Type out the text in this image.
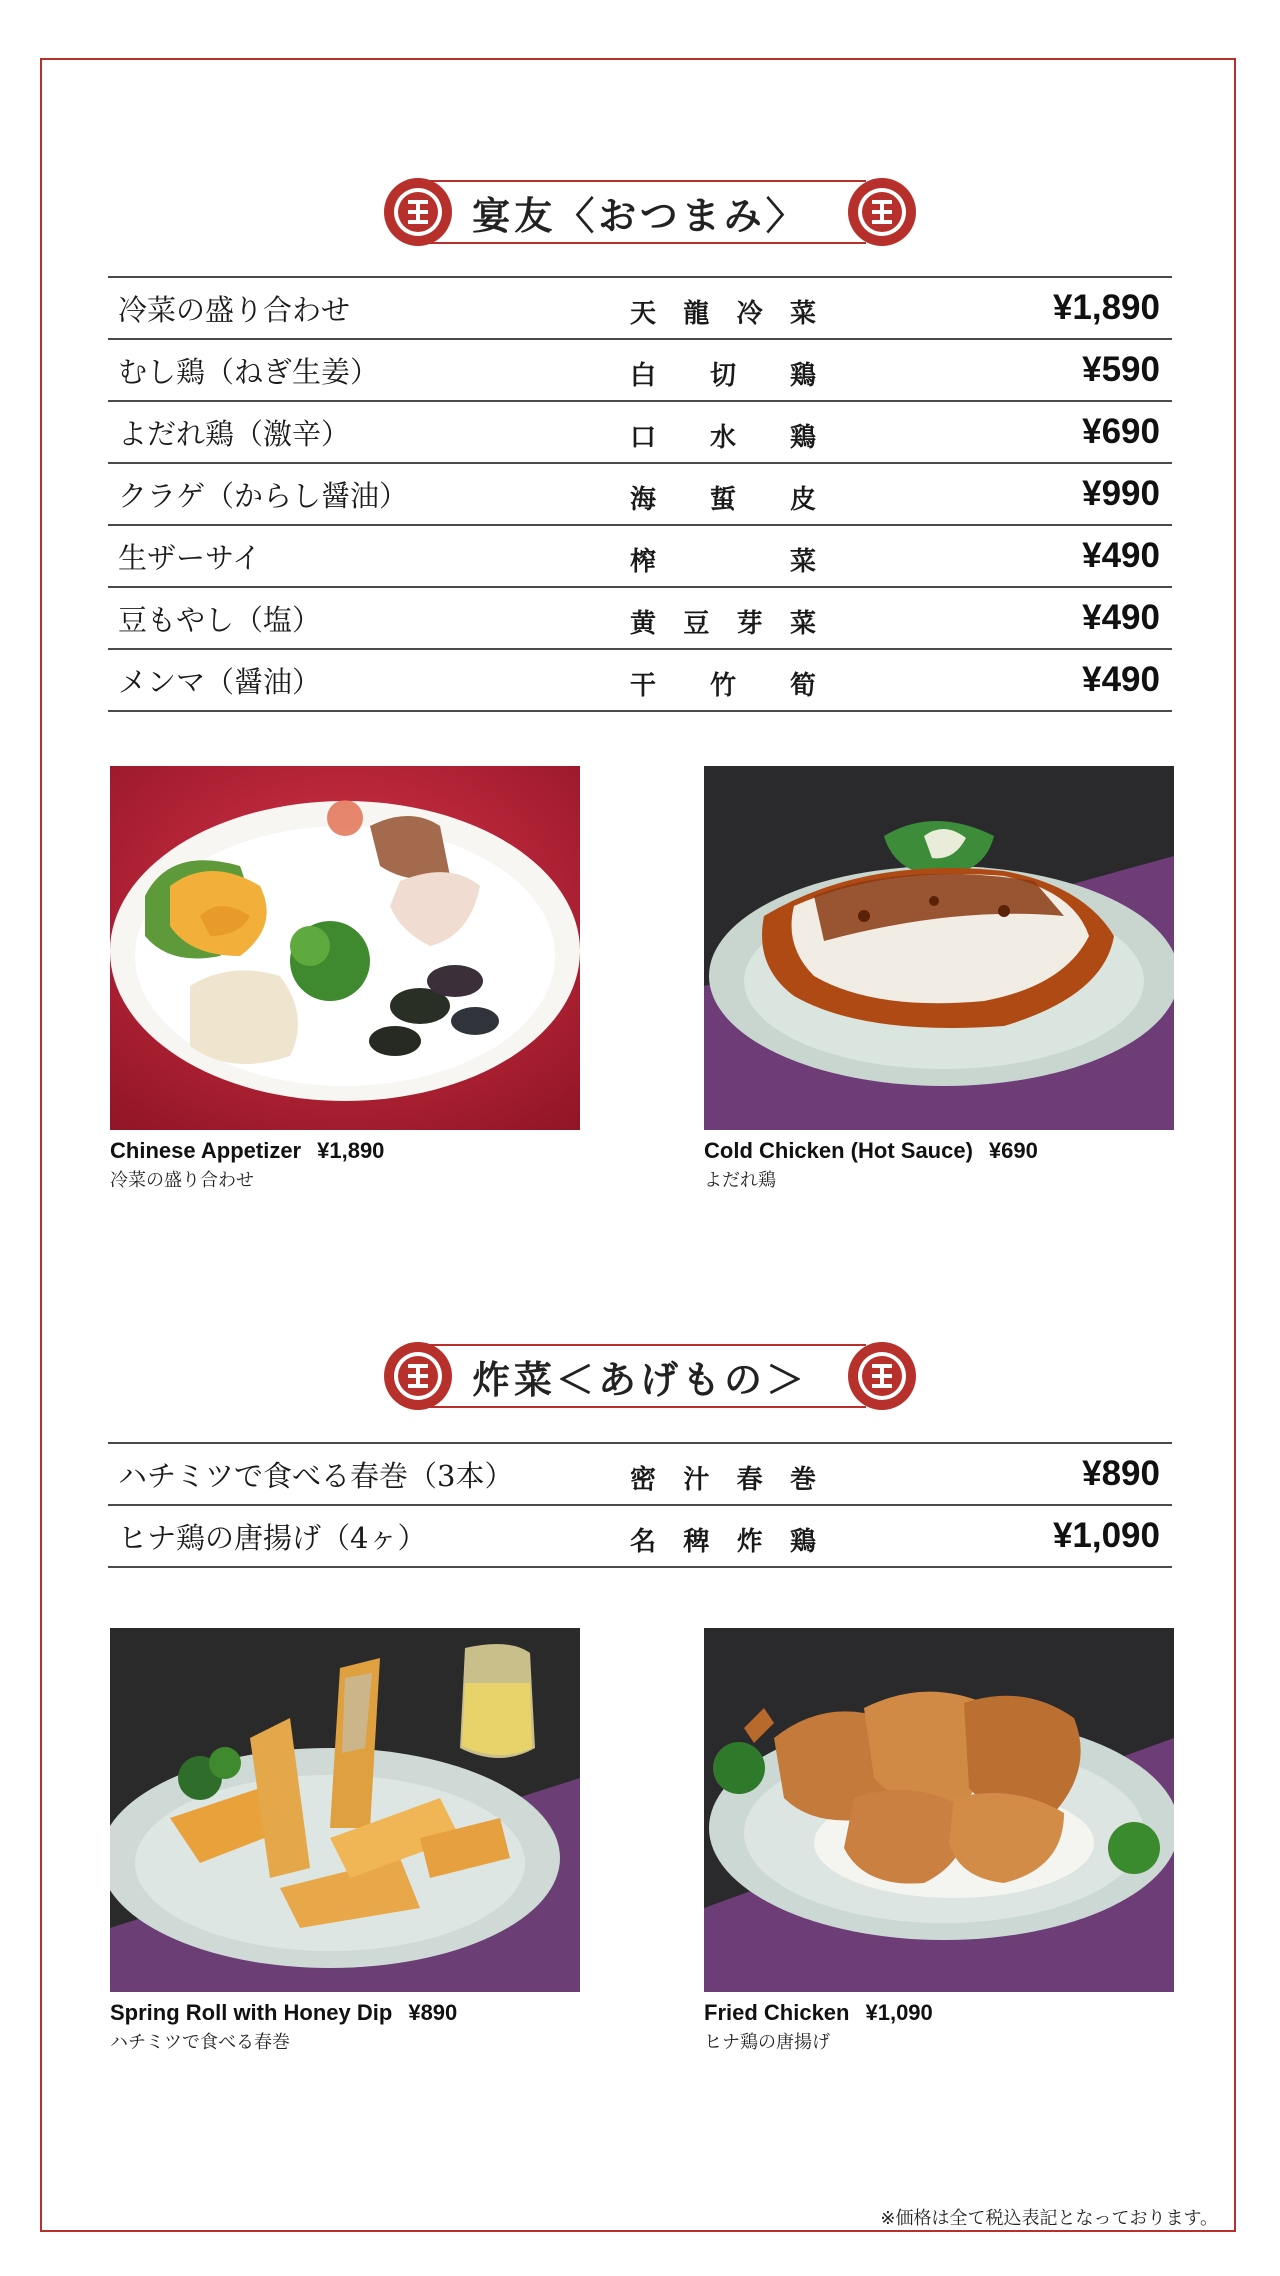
宴友〈おつまみ〉
冷菜の盛り合わせ	天龍冷菜	¥1,890
むし鶏（ねぎ生姜）	白切鶏	¥590
よだれ鶏（激辛）	口水鶏	¥690
クラゲ（からし醤油）	海蜇皮	¥990
生ザーサイ	榨菜	¥490
豆もやし（塩）	黄豆芽菜	¥490
メンマ（醤油）	干竹筍	¥490
Chinese Appetizer ¥1,890
冷菜の盛り合わせ
Cold Chicken (Hot Sauce) ¥690
よだれ鶏
炸菜＜あげもの＞
ハチミツで食べる春巻（3本）	密汁春巻	¥890
ヒナ鶏の唐揚げ（4ヶ）	名稗炸鶏	¥1,090
Spring Roll with Honey Dip ¥890
ハチミツで食べる春巻
Fried Chicken ¥1,090
ヒナ鶏の唐揚げ
※価格は全て税込表記となっております。
